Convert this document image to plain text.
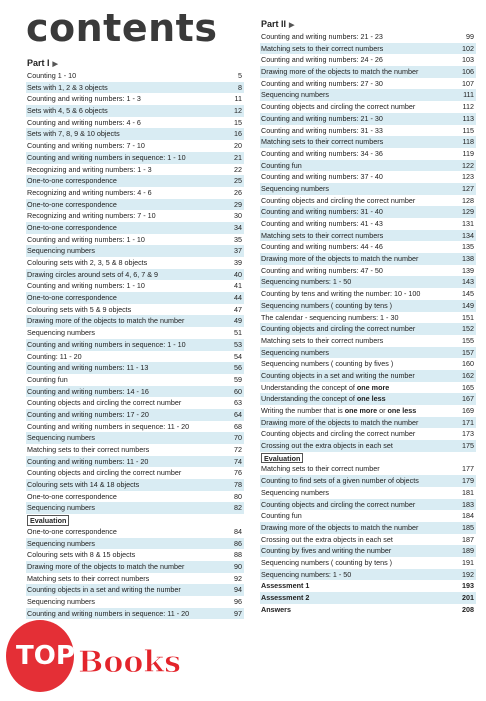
contents
Part I ▶
Counting 1 - 10	5
Sets with 1, 2 & 3 objects	8
Counting and writing numbers: 1 - 3	11
Sets with 4, 5 & 6 objects	12
Counting and writing numbers: 4 - 6	15
Sets with 7, 8, 9 & 10 objects	16
Counting and writing numbers: 7 - 10	20
Counting and writing numbers in sequence: 1 - 10	21
Recognizing and writing numbers: 1 - 3	22
One-to-one correspondence	25
Recognizing and writing numbers: 4 - 6	26
One-to-one correspondence	29
Recognizing and writing numbers: 7 - 10	30
One-to-one correspondence	34
Counting and writing numbers: 1 - 10	35
Sequencing numbers	37
Colouring sets with 2, 3, 5 & 8 objects	39
Drawing circles around sets of 4, 6, 7 & 9	40
Counting and writing numbers: 1 - 10	41
One-to-one correspondence	44
Colouring sets with 5 & 9 objects	47
Drawing more of the objects to match the number	49
Sequencing numbers	51
Counting and writing numbers in sequence: 1 - 10	53
Counting: 11 - 20	54
Counting and writing numbers: 11 - 13	56
Counting fun	59
Counting and writing numbers: 14 - 16	60
Counting objects and circling the correct number	63
Counting and writing numbers: 17 - 20	64
Counting and writing numbers in sequence: 11 - 20	68
Sequencing numbers	70
Matching sets to their correct numbers	72
Counting and writing numbers: 11 - 20	74
Counting objects and circling the correct number	76
Colouring sets with 14 & 18 objects	78
One-to-one correspondence	80
Sequencing numbers	82
Evaluation
One-to-one correspondence	84
Sequencing numbers	86
Colouring sets with 8 & 15 objects	88
Drawing more of the objects to match the number	90
Matching sets to their correct numbers	92
Counting objects in a set and writing the number	94
Sequencing numbers	96
Counting and writing numbers in sequence: 11 - 20	97
Part II ▶
Counting and writing numbers: 21 - 23	99
Matching sets to their correct numbers	102
Counting and writing numbers: 24 - 26	103
Drawing more of the objects to match the number	106
Counting and writing numbers: 27 - 30	107
Sequencing numbers	111
Counting objects and circling the correct number	112
Counting and writing numbers: 21 - 30	113
Counting and writing numbers: 31 - 33	115
Matching sets to their correct numbers	118
Counting and writing numbers: 34 - 36	119
Counting fun	122
Counting and writing numbers: 37 - 40	123
Sequencing numbers	127
Counting objects and circling the correct number	128
Counting and writing numbers: 31 - 40	129
Counting and writing numbers: 41 - 43	131
Matching sets to their correct numbers	134
Counting and writing numbers: 44 - 46	135
Drawing more of the objects to match the number	138
Counting and writing numbers: 47 - 50	139
Sequencing numbers: 1 - 50	143
Counting by tens and writing the number: 10 - 100	145
Sequencing numbers ( counting by tens )	149
The calendar - sequencing numbers: 1 - 30	151
Counting objects and circling the correct number	152
Matching sets to their correct numbers	155
Sequencing numbers	157
Sequencing numbers ( counting by fives )	160
Counting objects in a set and writing the number	162
Understanding the concept of one more	165
Understanding the concept of one less	167
Writing the number that is one more or one less	169
Drawing more of the objects to match the number	171
Counting objects and circling the correct number	173
Crossing out the extra objects in each set	175
Evaluation
Matching sets to their correct number	177
Counting to find sets of a given number of objects	179
Sequencing numbers	181
Counting objects and circling the correct number	183
Counting fun	184
Drawing more of the objects to match the number	185
Crossing out the extra objects in each set	187
Counting by fives and writing the number	189
Sequencing numbers ( counting by tens )	191
Sequencing numbers: 1 - 50	192
Assessment 1	193
Assessment 2	201
Answers	208
TOP Books
